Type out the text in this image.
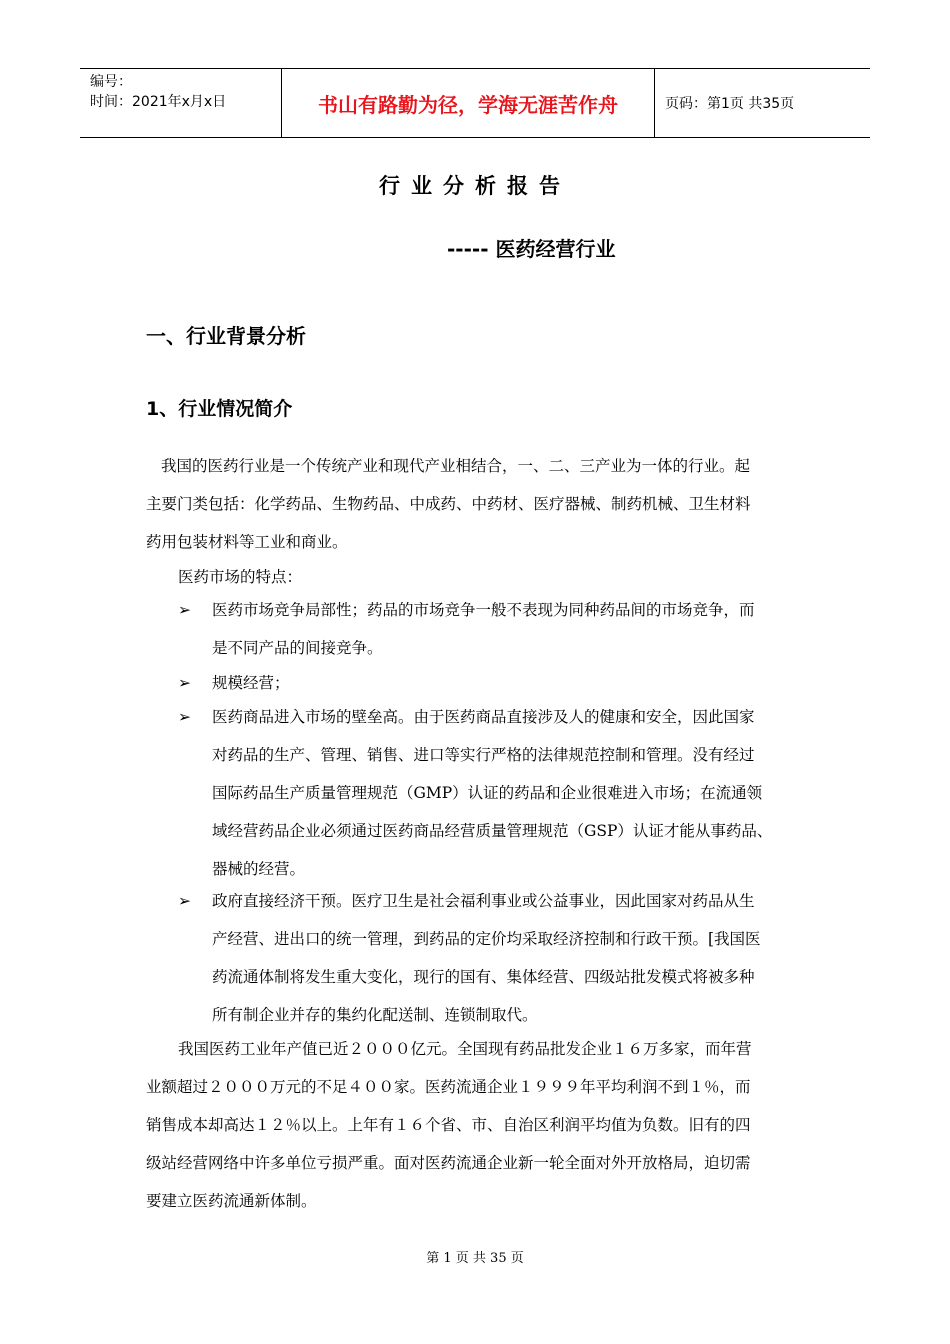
编号：
时间：2021年x月x日	书山有路勤为径，学海无涯苦作舟	页码：第1页 共35页
行业分析报告
----- 医药经营行业
一、行业背景分析
1、行业情况简介
我国的医药行业是一个传统产业和现代产业相结合，一、二、三产业为一体的行业。起
主要门类包括：化学药品、生物药品、中成药、中药材、医疗器械、制药机械、卫生材料
药用包装材料等工业和商业。
医药市场的特点：
➢	医药市场竞争局部性；药品的市场竞争一般不表现为同种药品间的市场竞争，而
是不同产品的间接竞争。
➢	规模经营；
➢	医药商品进入市场的壁垒高。由于医药商品直接涉及人的健康和安全，因此国家
对药品的生产、管理、销售、进口等实行严格的法律规范控制和管理。没有经过
国际药品生产质量管理规范（GMP）认证的药品和企业很难进入市场；在流通领
域经营药品企业必须通过医药商品经营质量管理规范（GSP）认证才能从事药品、
器械的经营。
➢	政府直接经济干预。医疗卫生是社会福利事业或公益事业，因此国家对药品从生
产经营、进出口的统一管理，到药品的定价均采取经济控制和行政干预。[我国医
药流通体制将发生重大变化，现行的国有、集体经营、四级站批发模式将被多种
所有制企业并存的集约化配送制、连锁制取代。
我国医药工业年产值已近２０００亿元。全国现有药品批发企业１６万多家，而年营
业额超过２０００万元的不足４００家。医药流通企业１９９９年平均利润不到１％，而
销售成本却高达１２％以上。上年有１６个省、市、自治区利润平均值为负数。旧有的四
级站经营网络中许多单位亏损严重。面对医药流通企业新一轮全面对外开放格局，迫切需
要建立医药流通新体制。
第 1 页 共 35 页
